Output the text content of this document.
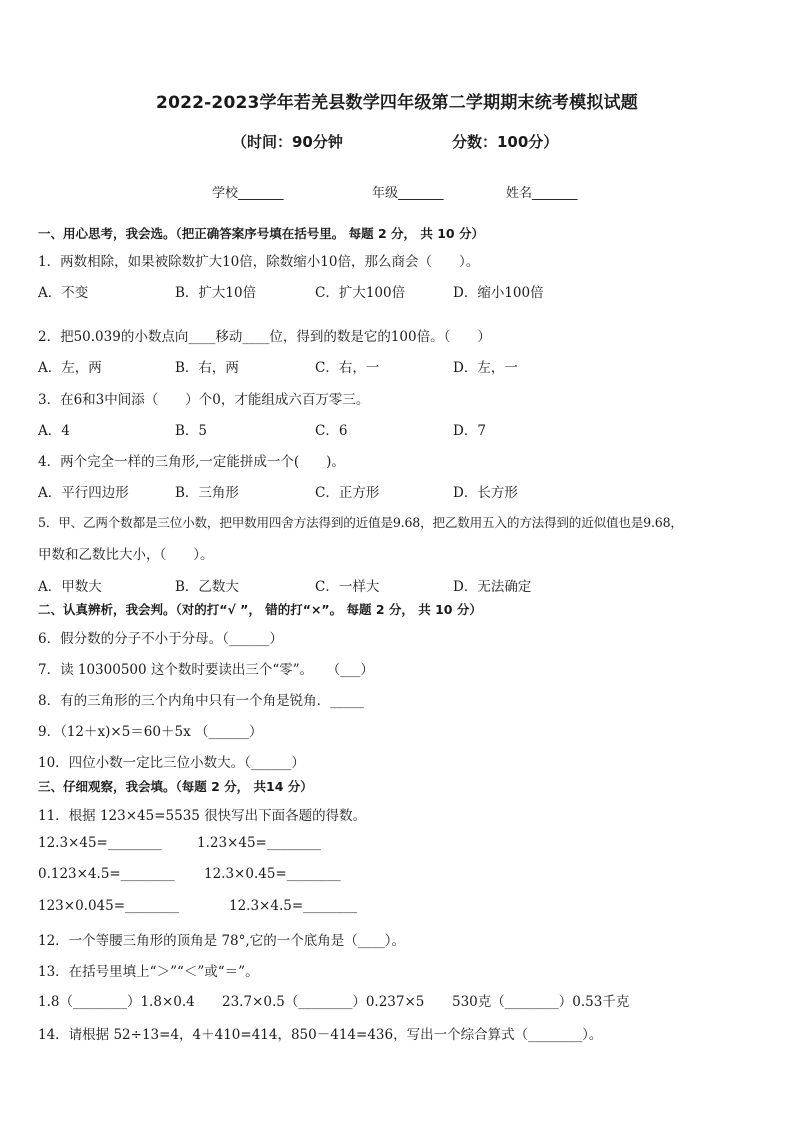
2022-2023学年若羌县数学四年级第二学期期末统考模拟试题
（时间：90分钟	分数：100分）
学校_______	年级_______	姓名_______
一、用心思考，我会选。（把正确答案序号填在括号里。 每题 2 分， 共 10 分）
1．两数相除，如果被除数扩大10倍，除数缩小10倍，那么商会（　　）。
A．不变	B．扩大10倍	C．扩大100倍	D．缩小100倍
2．把50.039的小数点向____移动____位，得到的数是它的100倍。（　　）
A．左，两	B．右，两	C．右，一	D．左，一
3．在6和3中间添（　　）个0，才能组成六百万零三。
A．4	B．5	C．6	D．7
4．两个完全一样的三角形,一定能拼成一个(　　)。
A．平行四边形	B．三角形	C．正方形	D．长方形
5．甲、乙两个数都是三位小数，把甲数用四舍方法得到的近值是9.68，把乙数用五入的方法得到的近似值也是9.68，
甲数和乙数比大小，（　　）。
A．甲数大	B．乙数大	C．一样大	D．无法确定
二、认真辨析，我会判。（对的打“√ ”， 错的打“×”。 每题 2 分， 共 10 分）
6．假分数的分子不小于分母。（______）
7．读 10300500 这个数时要读出三个“零”。　　（___）
8．有的三角形的三个内角中只有一个角是锐角．_____
9．（12＋x)×5＝60＋5x （______）
10．四位小数一定比三位小数大。（______）
三、仔细观察，我会填。（每题 2 分， 共14 分）
11．根据 123×45=5535 很快写出下面各题的得数。
12.3×45=________	1.23×45=________
0.123×4.5=________ 12.3×0.45=________
123×0.045=________	12.3×4.5=________
12．一个等腰三角形的顶角是 78°,它的一个底角是（____）。
13．在括号里填上“＞”“＜”或“＝”。
1.8（________）1.8×0.4 23.7×0.5（________）0.237×5 530克（________）0.53千克
14．请根据 52÷13=4，4＋410=414，850－414=436，写出一个综合算式（________）。
